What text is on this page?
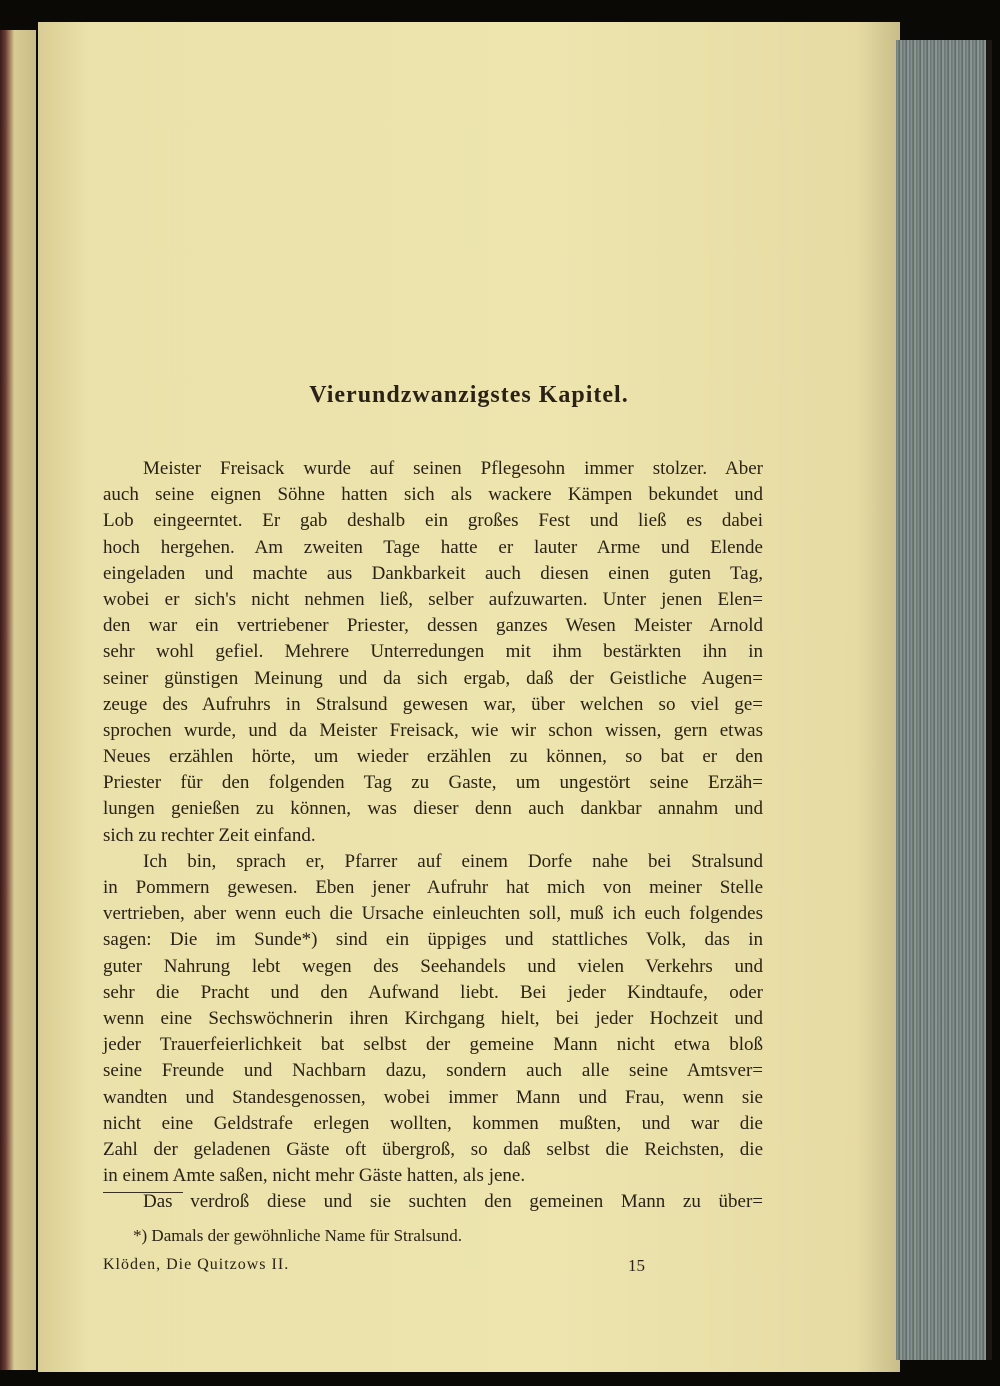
Vierundzwanzigstes Kapitel.
Meister Freisack wurde auf seinen Pflegesohn immer stolzer. Aber
auch seine eignen Söhne hatten sich als wackere Kämpen bekundet und
Lob eingeerntet. Er gab deshalb ein großes Fest und ließ es dabei
hoch hergehen. Am zweiten Tage hatte er lauter Arme und Elende
eingeladen und machte aus Dankbarkeit auch diesen einen guten Tag,
wobei er sich's nicht nehmen ließ, selber aufzuwarten. Unter jenen Elen=
den war ein vertriebener Priester, dessen ganzes Wesen Meister Arnold
sehr wohl gefiel. Mehrere Unterredungen mit ihm bestärkten ihn in
seiner günstigen Meinung und da sich ergab, daß der Geistliche Augen=
zeuge des Aufruhrs in Stralsund gewesen war, über welchen so viel ge=
sprochen wurde, und da Meister Freisack, wie wir schon wissen, gern etwas
Neues erzählen hörte, um wieder erzählen zu können, so bat er den
Priester für den folgenden Tag zu Gaste, um ungestört seine Erzäh=
lungen genießen zu können, was dieser denn auch dankbar annahm und
sich zu rechter Zeit einfand.
Ich bin, sprach er, Pfarrer auf einem Dorfe nahe bei Stralsund
in Pommern gewesen. Eben jener Aufruhr hat mich von meiner Stelle
vertrieben, aber wenn euch die Ursache einleuchten soll, muß ich euch folgendes
sagen: Die im Sunde*) sind ein üppiges und stattliches Volk, das in
guter Nahrung lebt wegen des Seehandels und vielen Verkehrs und
sehr die Pracht und den Aufwand liebt. Bei jeder Kindtaufe, oder
wenn eine Sechswöchnerin ihren Kirchgang hielt, bei jeder Hochzeit und
jeder Trauerfeierlichkeit bat selbst der gemeine Mann nicht etwa bloß
seine Freunde und Nachbarn dazu, sondern auch alle seine Amtsver=
wandten und Standesgenossen, wobei immer Mann und Frau, wenn sie
nicht eine Geldstrafe erlegen wollten, kommen mußten, und war die
Zahl der geladenen Gäste oft übergroß, so daß selbst die Reichsten, die
in einem Amte saßen, nicht mehr Gäste hatten, als jene.
Das verdroß diese und sie suchten den gemeinen Mann zu über=
*) Damals der gewöhnliche Name für Stralsund.
Klöden, Die Quitzows II.	15
